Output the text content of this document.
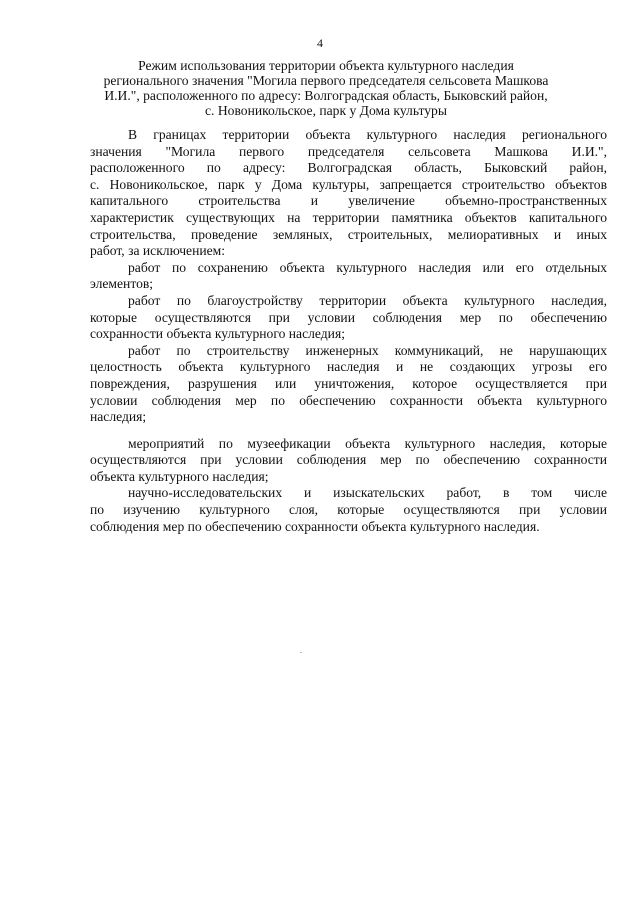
4
Режим использования территории объекта культурного наследия
регионального значения "Могила первого председателя сельсовета Машкова
И.И.", расположенного по адресу: Волгоградская область, Быковский район,
с. Новоникольское, парк у Дома культуры
В границах территории объекта культурного наследия регионального
значения "Могила первого председателя сельсовета Машкова И.И.",
расположенного по адресу: Волгоградская область, Быковский район,
с. Новоникольское, парк у Дома культуры, запрещается строительство объектов
капитального строительства и увеличение объемно-пространственных
характеристик существующих на территории памятника объектов капитального
строительства, проведение земляных, строительных, мелиоративных и иных
работ, за исключением:
работ по сохранению объекта культурного наследия или его отдельных
элементов;
работ по благоустройству территории объекта культурного наследия,
которые осуществляются при условии соблюдения мер по обеспечению
сохранности объекта культурного наследия;
работ по строительству инженерных коммуникаций, не нарушающих
целостность объекта культурного наследия и не создающих угрозы его
повреждения, разрушения или уничтожения, которое осуществляется при
условии соблюдения мер по обеспечению сохранности объекта культурного
наследия;
мероприятий по музеефикации объекта культурного наследия, которые
осуществляются при условии соблюдения мер по обеспечению сохранности
объекта культурного наследия;
научно-исследовательских и изыскательских работ, в том числе
по изучению культурного слоя, которые осуществляются при условии
соблюдения мер по обеспечению сохранности объекта культурного наследия.
